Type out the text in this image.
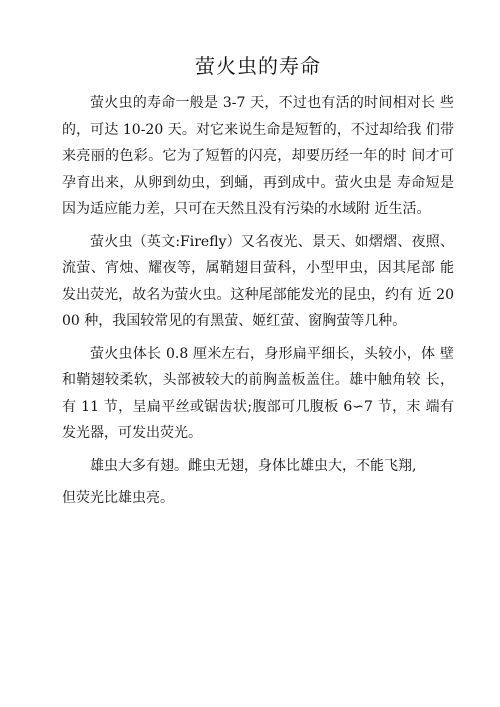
萤火虫的寿命

萤火虫的寿命一般是 3-7 天，不过也有活的时间相对长 些的，可达 10-20 天。对它来说生命是短暂的，不过却给我 们带来亮丽的色彩。它为了短暂的闪亮，却要历经一年的时 间才可孕育出来，从卵到幼虫，到蛹，再到成中。萤火虫是 寿命短是因为适应能力差，只可在天然且没有污染的水域附 近生活。

萤火虫（英文:Firefly）又名夜光、景天、如熠熠、夜照、流萤、宵烛、耀夜等，属鞘翅目萤科，小型甲虫，因其尾部 能发出荧光，故名为萤火虫。这种尾部能发光的昆虫，约有 近 2000 种，我国较常见的有黑萤、姬红萤、窗胸萤等几种。

萤火虫体长 0.8 厘米左右，身形扁平细长，头较小，体 壁和鞘翅较柔软，头部被较大的前胸盖板盖住。雄中触角较 长，有 11 节，呈扁平丝或锯齿状;腹部可几腹板 6∽7 节，末 端有发光器，可发出荧光。

雄虫大多有翅。雌虫无翅，身体比雄虫大，不能飞翔,

但荧光比雄虫亮。
